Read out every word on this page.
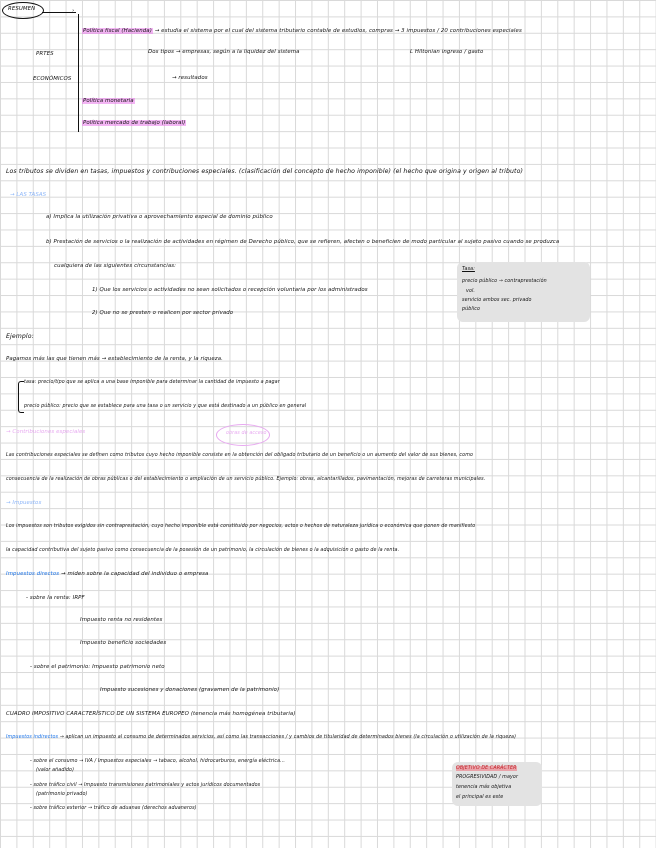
RESUMEN	›
PRTES
ECONÓMICOS
Política fiscal (Hacienda) → estudia el sistema por el cual del sistema tributario contable de estudios, compras → 3 impuestos / 20 contribuciones especiales
Dos tipos → empresas, según a la liquidez del sistema	L Hiltonian ingreso / gasto
→ resultados
Política monetaria
Política mercado de trabajo (laboral)
Los tributos se dividen en tasas, impuestos y contribuciones especiales. (clasificación del concepto de hecho imponible) (el hecho que origina y origen al tributo)
→ LAS TASAS
a) Implica la utilización privativa o aprovechamiento especial de dominio público
b) Prestación de servicios o la realización de actividades en régimen de Derecho público, que se refieren, afecten o beneficien de modo particular al sujeto pasivo cuando se produzca
cualquiera de las siguientes circunstancias:
1) Que los servicios o actividades no sean solicitados o recepción voluntaria por los administrados
2) Que no se presten o realicen por sector privado
Tasa:
precio público → contraprestación
vol.
servicio ambos sec. privado
público
Ejemplo:
Pagamos más las que tienen más → establecimiento de la renta, y la riqueza.
tasa: precio/tipo que se aplica a una base imponible para determinar la cantidad de impuesto a pagar
precio público: precio que se establece para una tasa o un servicio y que está destinado a un público en general
→ Contribuciones especiales	obras de acceso
Las contribuciones especiales se definen como tributos cuyo hecho imponible consiste en la obtención del obligado tributario de un beneficio o un aumento del valor de sus bienes, como
consecuencia de la realización de obras públicas o del establecimiento o ampliación de un servicio público. Ejemplo: obras, alcantarillados, pavimentación, mejoras de carreteras municipales.
→ Impuestos
Los impuestos son tributos exigidos sin contraprestación, cuyo hecho imponible está constituido por negocios, actos o hechos de naturaleza jurídica o económica que ponen de manifiesto
la capacidad contributiva del sujeto pasivo como consecuencia de la posesión de un patrimonio, la circulación de bienes o la adquisición o gasto de la renta.
Impuestos directos → miden sobre la capacidad del individuo o empresa
- sobre la renta: IRPF
Impuesto renta no residentes
Impuesto beneficio sociedades
- sobre el patrimonio: Impuesto patrimonio neto
Impuesto sucesiones y donaciones (gravamen de la patrimonio)
CUADRO IMPOSITIVO CARACTERÍSTICO DE UN SISTEMA EUROPEO (tenencia más homogénea tributaria)
Impuestos indirectos → aplican un impuesto al consumo de determinados servicios, así como las transacciones / y cambios de titularidad de determinados bienes (la circulación o utilización de la riqueza)
- sobre el consumo → IVA / Impuestos especiales → tabaco, alcohol, hidrocarburos, energía eléctrica...
(valor añadido)
- sobre tráfico civil → Impuesto transmisiones patrimoniales y actos jurídicos documentados
(patrimonio privado)
- sobre tráfico exterior → tráfico de aduanas (derechos aduaneros)
OBJETIVO DE CARÁCTER
PROGRESIVIDAD / mayor
tenencia más objetiva
el principal es este
